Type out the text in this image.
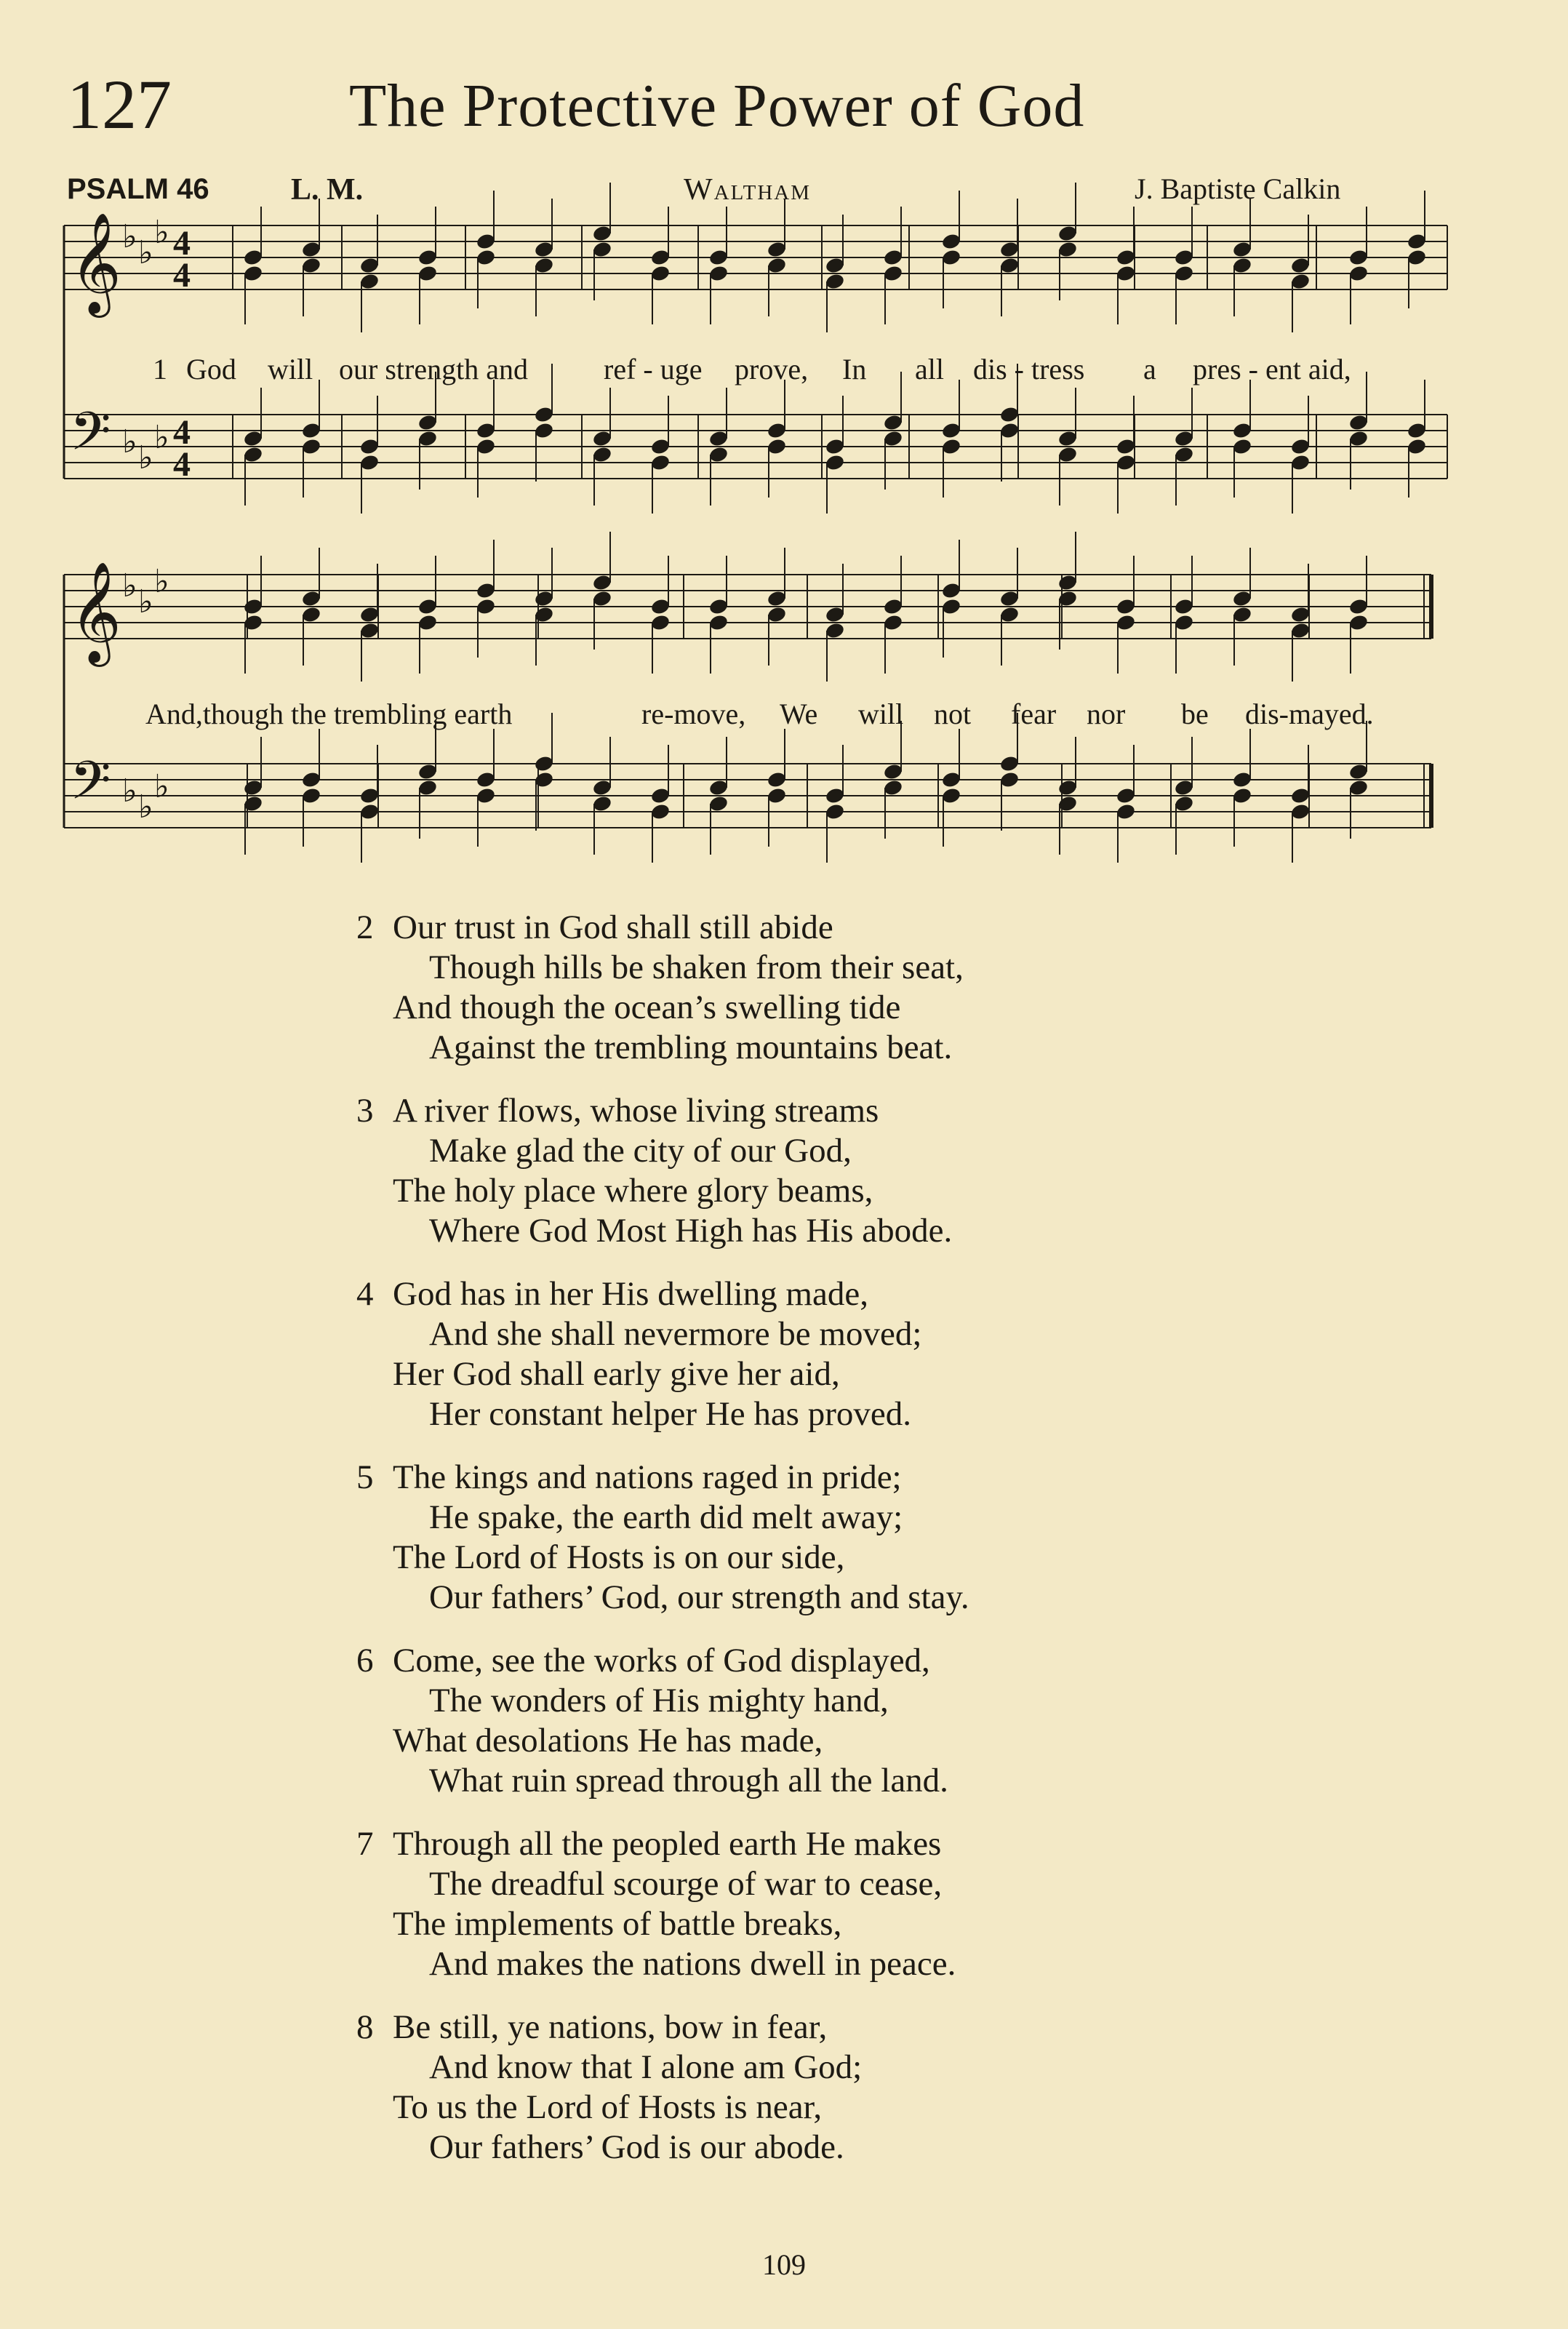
127	The Protective Power of God
PSALM 46	L. M.	Waltham	J. Baptiste Calkin
𝄞
𝄢
♭
♭
♭
♭
♭
♭
4
4
4
4
𝄞
𝄢
♭
♭
♭
♭
♭
♭
1 God will our strength and	ref - uge prove, In all dis - tress a pres - ent aid,
And,though the trembling earth	re-move, We will not fear nor be dis-mayed.
2 Our trust in God shall still abide
Though hills be shaken from their seat,
And though the ocean’s swelling tide
Against the trembling mountains beat.
3 A river flows, whose living streams
Make glad the city of our God,
The holy place where glory beams,
Where God Most High has His abode.
4 God has in her His dwelling made,
And she shall nevermore be moved;
Her God shall early give her aid,
Her constant helper He has proved.
5 The kings and nations raged in pride;
He spake, the earth did melt away;
The Lord of Hosts is on our side,
Our fathers’ God, our strength and stay.
6 Come, see the works of God displayed,
The wonders of His mighty hand,
What desolations He has made,
What ruin spread through all the land.
7 Through all the peopled earth He makes
The dreadful scourge of war to cease,
The implements of battle breaks,
And makes the nations dwell in peace.
8 Be still, ye nations, bow in fear,
And know that I alone am God;
To us the Lord of Hosts is near,
Our fathers’ God is our abode.
109
